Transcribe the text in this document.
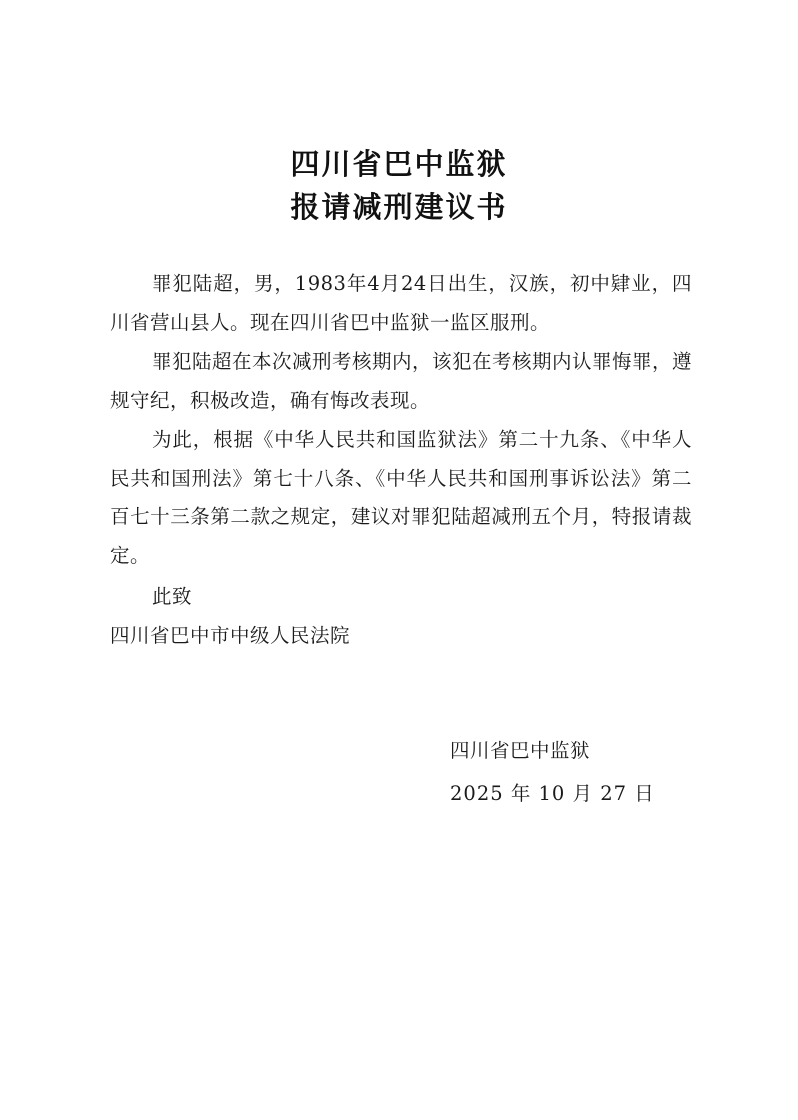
四川省巴中监狱
报请减刑建议书
罪犯陆超，男，1983年4月24日出生，汉族，初中肄业，四川省营山县人。现在四川省巴中监狱一监区服刑。
罪犯陆超在本次减刑考核期内，该犯在考核期内认罪悔罪，遵规守纪，积极改造，确有悔改表现。
为此，根据《中华人民共和国监狱法》第二十九条、《中华人民共和国刑法》第七十八条、《中华人民共和国刑事诉讼法》第二百七十三条第二款之规定，建议对罪犯陆超减刑五个月，特报请裁定。
此致
四川省巴中市中级人民法院
四川省巴中监狱
2025 年 10 月 27 日
